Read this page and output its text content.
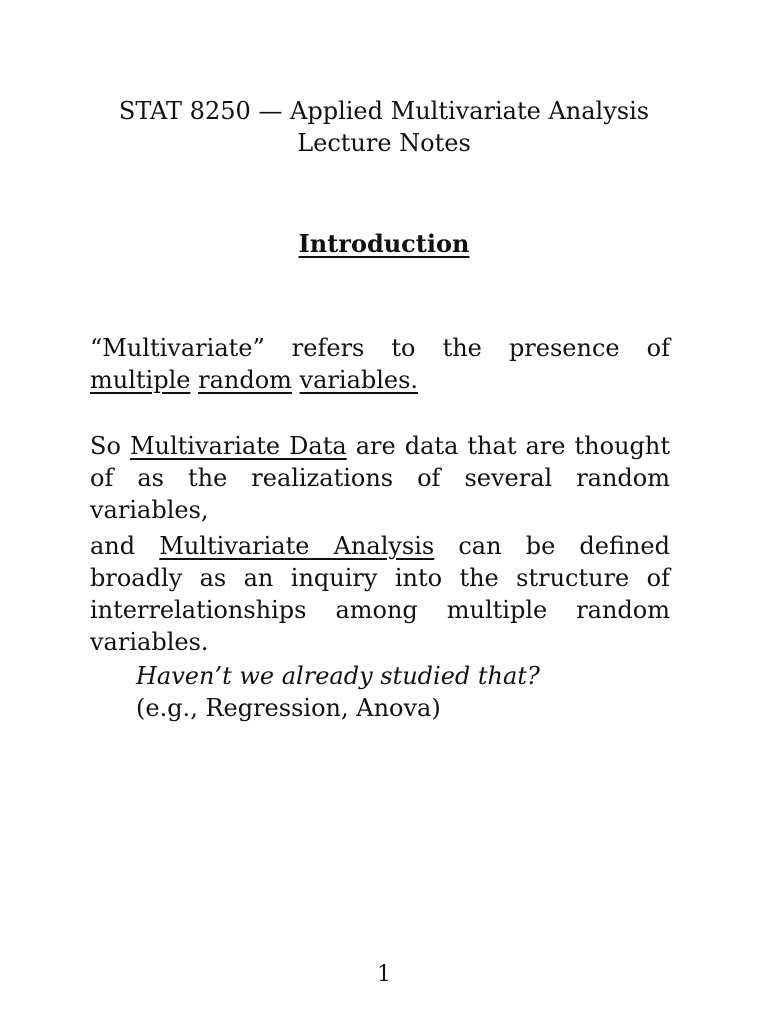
STAT 8250 — Applied Multivariate Analysis
Lecture Notes
Introduction
“Multivariate” refers to the presence of multiple random variables.
So Multivariate Data are data that are thought of as the realizations of several random variables,
and Multivariate Analysis can be defined broadly as an inquiry into the structure of interrelationships among multiple random variables.
Haven’t we already studied that?
(e.g., Regression, Anova)
1
